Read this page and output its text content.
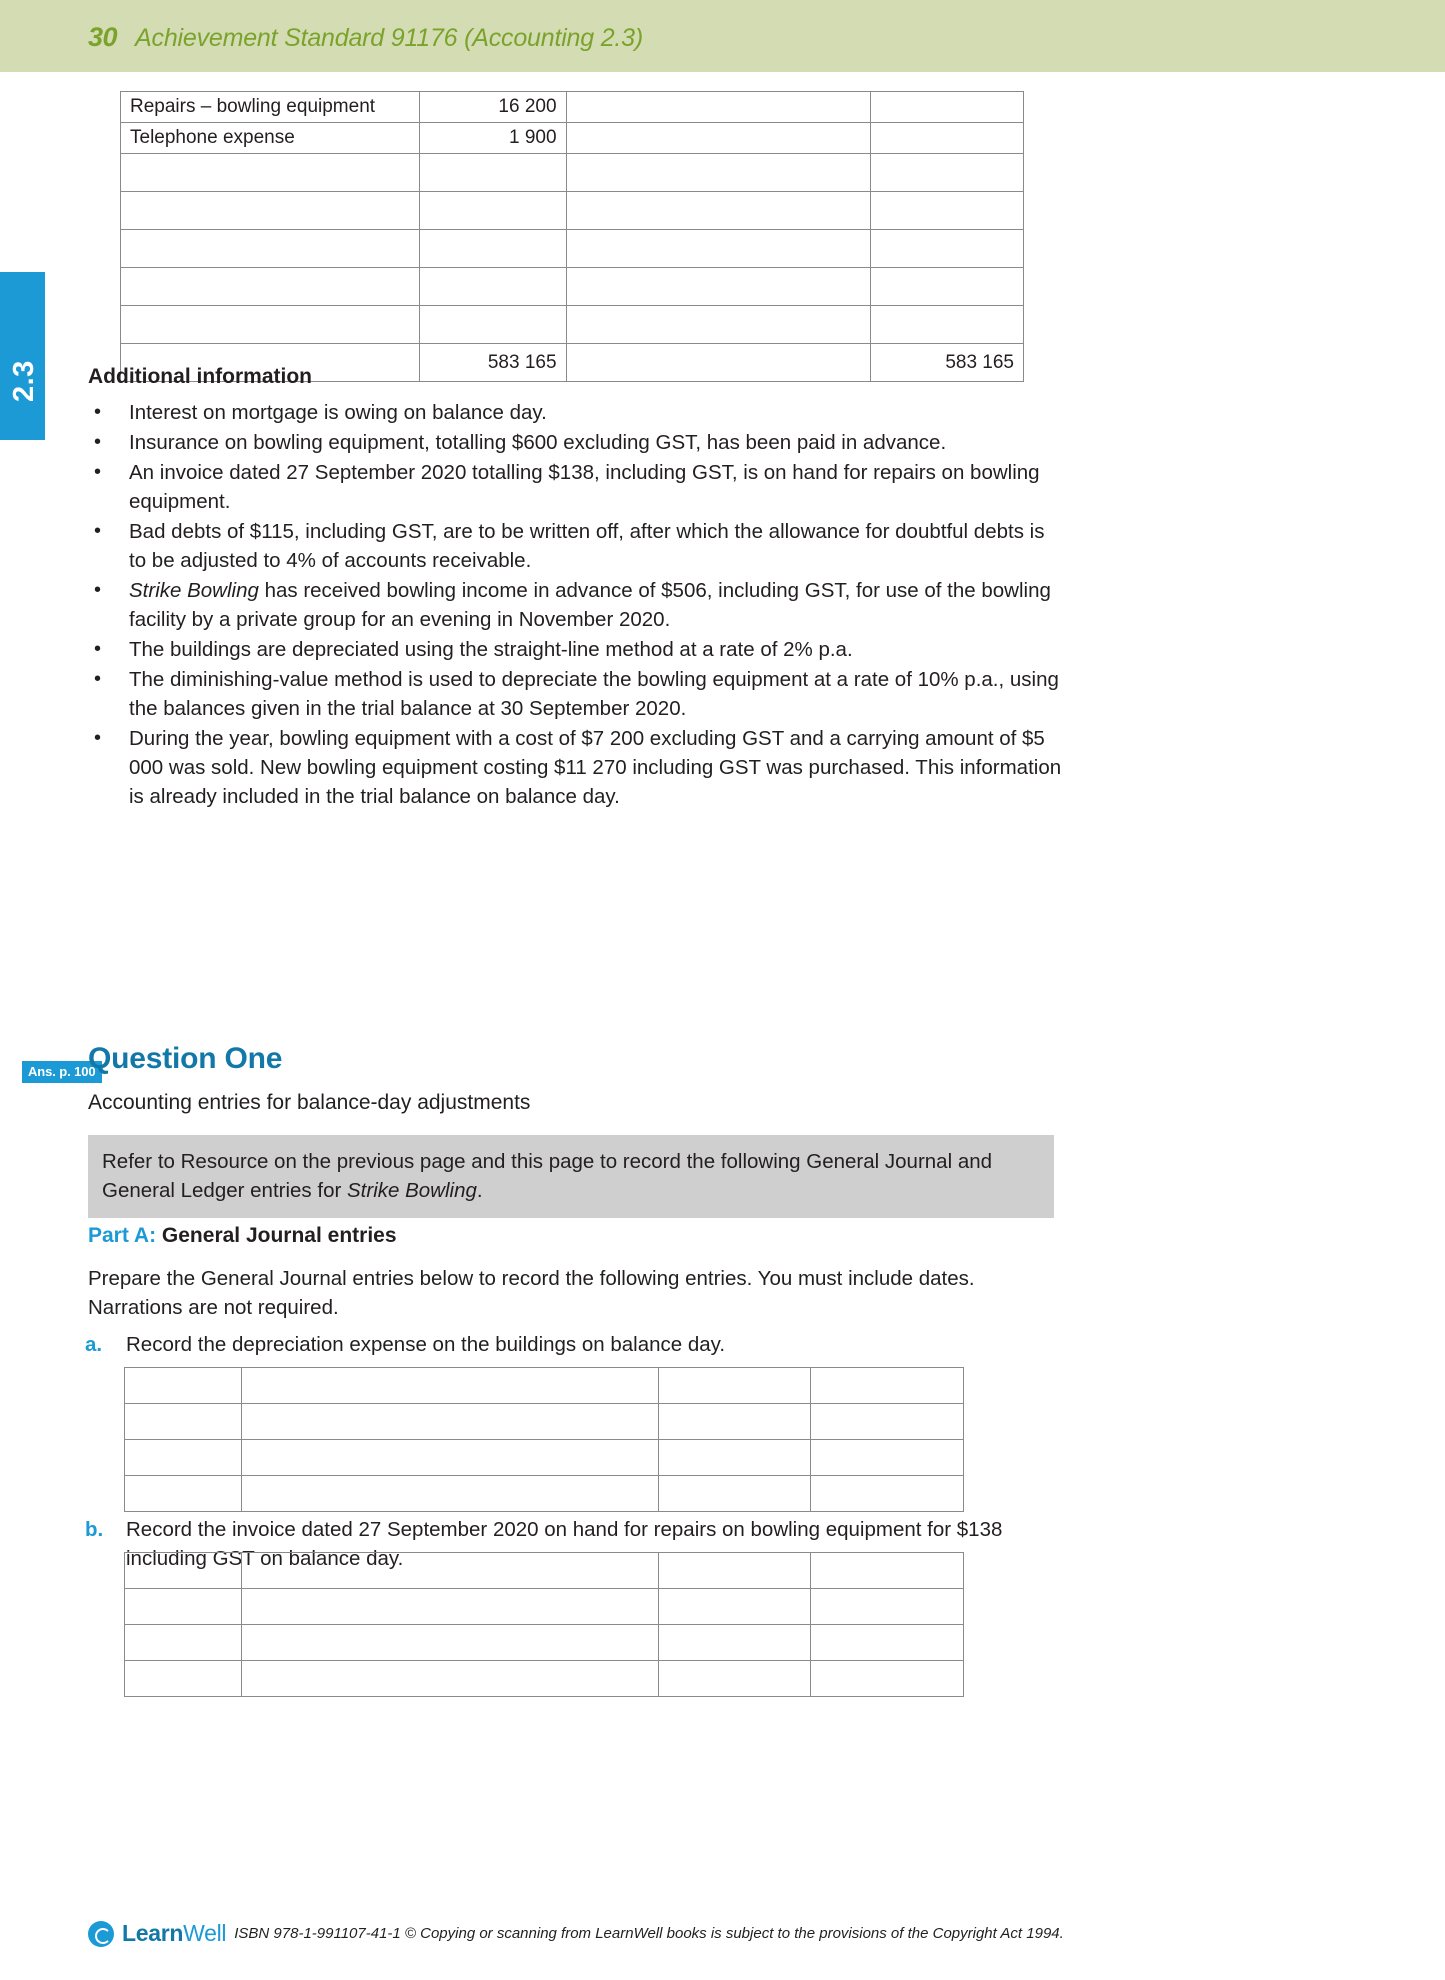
30 Achievement Standard 91176 (Accounting 2.3)
2.3
Repairs – bowling equipment	16 200		
Telephone expense	1 900		

	583 165		583 165
Additional information
•	Interest on mortgage is owing on balance day.
•	Insurance on bowling equipment, totalling $600 excluding GST, has been paid in advance.
•	An invoice dated 27 September 2020 totalling $138, including GST, is on hand for repairs on bowling equipment.
•	Bad debts of $115, including GST, are to be written off, after which the allowance for doubtful debts is to be adjusted to 4% of accounts receivable.
•	Strike Bowling has received bowling income in advance of $506, including GST, for use of the bowling facility by a private group for an evening in November 2020.
•	The buildings are depreciated using the straight-line method at a rate of 2% p.a.
•	The diminishing-value method is used to depreciate the bowling equipment at a rate of 10% p.a., using the balances given in the trial balance at 30 September 2020.
•	During the year, bowling equipment with a cost of $7 200 excluding GST and a carrying amount of $5 000 was sold. New bowling equipment costing $11 270 including GST was purchased. This information is already included in the trial balance on balance day.
Ans. p. 100
Question One
Accounting entries for balance-day adjustments
Refer to Resource on the previous page and this page to record the following General Journal and General Ledger entries for Strike Bowling.
Part A: General Journal entries
Prepare the General Journal entries below to record the following entries. You must include dates. Narrations are not required.
a.	Record the depreciation expense on the buildings on balance day.

b.	Record the invoice dated 27 September 2020 on hand for repairs on bowling equipment for $138 including GST on balance day.

LearnWell ISBN 978-1-991107-41-1 © Copying or scanning from LearnWell books is subject to the provisions of the Copyright Act 1994.
